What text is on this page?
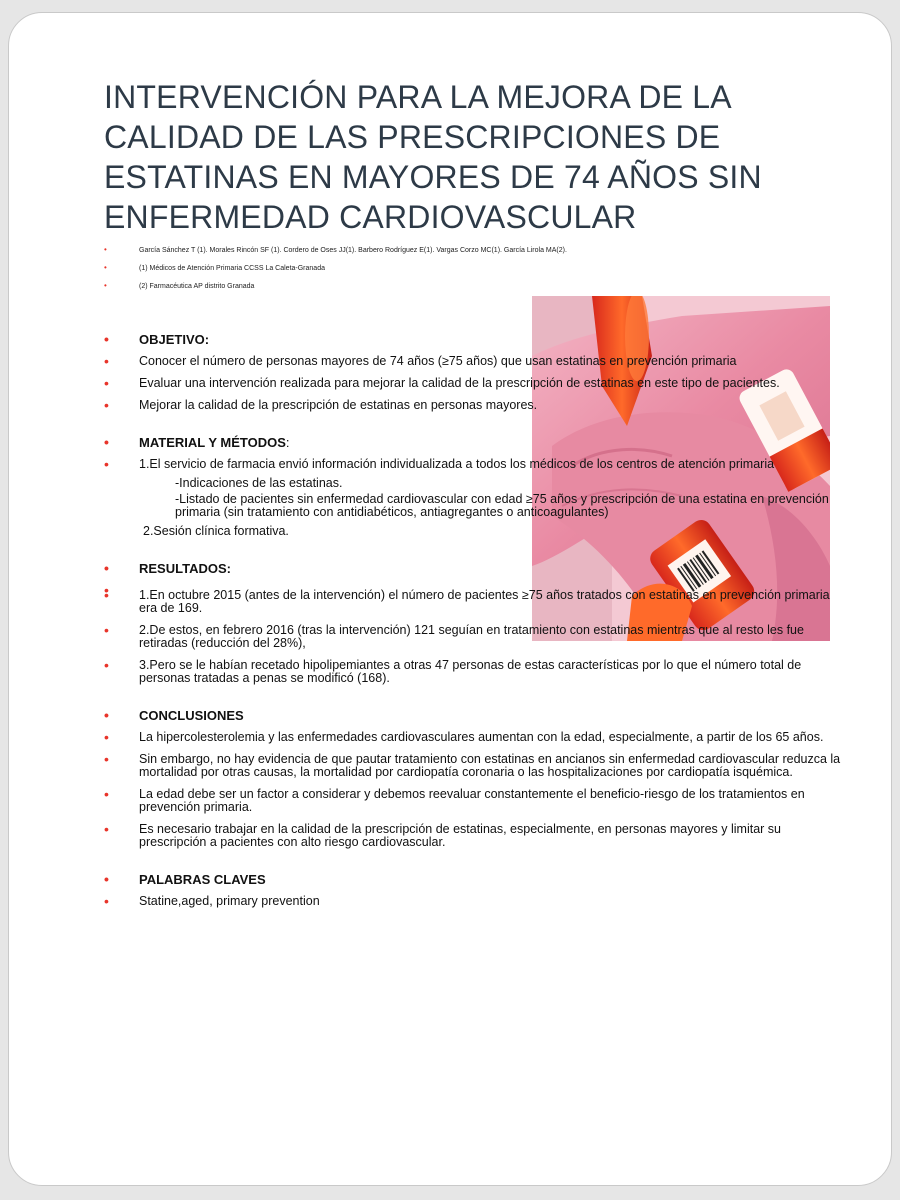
INTERVENCIÓN PARA LA MEJORA DE LA CALIDAD DE LAS PRESCRIPCIONES DE ESTATINAS EN MAYORES DE 74 AÑOS SIN ENFERMEDAD CARDIOVASCULAR
• García Sánchez T (1). Morales Rincón SF (1). Cordero de Oses JJ(1). Barbero Rodríguez E(1). Vargas Corzo MC(1). García Lirola MA(2).
• (1) Médicos de Atención Primaria CCSS La Caleta-Granada
• (2) Farmacéutica AP distrito Granada
• OBJETIVO:
• Conocer el número de personas mayores de 74 años (≥75 años) que usan estatinas en prevención primaria
• Evaluar una intervención realizada para mejorar la calidad de la prescripción de estatinas en este tipo de pacientes.
• Mejorar la calidad de la prescripción de estatinas en personas mayores.
• MATERIAL Y MÉTODOS:
• 1.El servicio de farmacia envió información individualizada a todos los médicos de los centros de atención primaria
-Indicaciones de las estatinas.
-Listado de pacientes sin enfermedad cardiovascular con edad ≥75 años y prescripción de una estatina en prevención primaria (sin tratamiento con antidiabéticos, antiagregantes o anticoagulantes)
2.Sesión clínica formativa.
• RESULTADOS:
•
• 1.En octubre 2015 (antes de la intervención) el número de pacientes ≥75 años tratados con estatinas en prevención primaria era de 169.
• 2.De estos, en febrero 2016 (tras la intervención) 121 seguían en tratamiento con estatinas mientras que al resto les fue retiradas (reducción del 28%),
• 3.Pero se le habían recetado hipolipemiantes a otras 47 personas de estas características por lo que el número total de personas tratadas a penas se modificó (168).
• CONCLUSIONES
• La hipercolesterolemia y las enfermedades cardiovasculares aumentan con la edad, especialmente, a partir de los 65 años.
• Sin embargo, no hay evidencia de que pautar tratamiento con estatinas en ancianos sin enfermedad cardiovascular reduzca la mortalidad por otras causas, la mortalidad por cardiopatía coronaria o las hospitalizaciones por cardiopatía isquémica.
• La edad debe ser un factor a considerar y debemos reevaluar constantemente el beneficio-riesgo de los tratamientos en prevención primaria.
• Es necesario trabajar en la calidad de la prescripción de estatinas, especialmente, en personas mayores y limitar su prescripción a pacientes con alto riesgo cardiovascular.
• PALABRAS CLAVES
• Statine,aged, primary prevention
